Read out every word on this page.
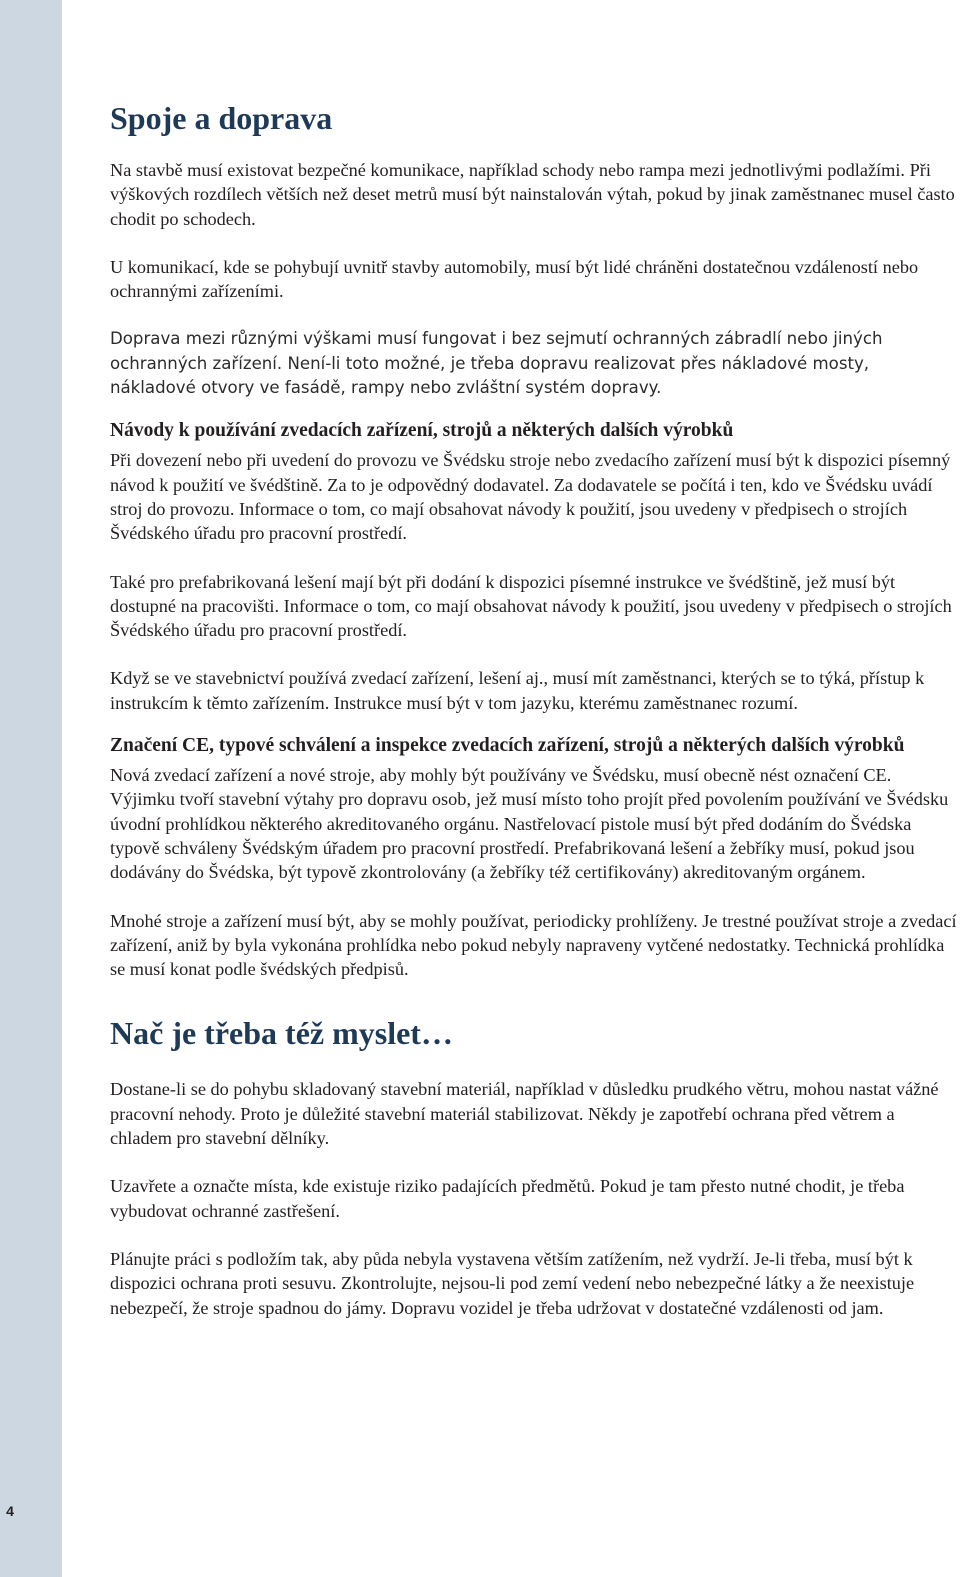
4
Spoje a doprava

Na stavbě musí existovat bezpečné komunikace, například schody nebo rampa mezi jednotlivými podlažími. Při výškových rozdílech větších než deset metrů musí být nainstalován výtah, pokud by jinak zaměstnanec musel často chodit po schodech.

U komunikací, kde se pohybují uvnitř stavby automobily, musí být lidé chráněni dostatečnou vzdáleností nebo ochrannými zařízeními.

Doprava mezi různými výškami musí fungovat i bez sejmutí ochranných zábradlí nebo jiných ochranných zařízení. Není-li toto možné, je třeba dopravu realizovat přes nákladové mosty, nákladové otvory ve fasádě, rampy nebo zvláštní systém dopravy.

Návody k používání zvedacích zařízení, strojů a některých dalších výrobků

Při dovezení nebo při uvedení do provozu ve Švédsku stroje nebo zvedacího zařízení musí být k dispozici písemný návod k použití ve švédštině. Za to je odpovědný dodavatel. Za dodavatele se počítá i ten, kdo ve Švédsku uvádí stroj do provozu. Informace o tom, co mají obsahovat návody k použití, jsou uvedeny v předpisech o strojích Švédského úřadu pro pracovní prostředí.

Také pro prefabrikovaná lešení mají být při dodání k dispozici písemné instrukce ve švédštině, jež musí být dostupné na pracovišti. Informace o tom, co mají obsahovat návody k použití, jsou uvedeny v předpisech o strojích Švédského úřadu pro pracovní prostředí.

Když se ve stavebnictví používá zvedací zařízení, lešení aj., musí mít zaměstnanci, kterých se to týká, přístup k instrukcím k těmto zařízením. Instrukce musí být v tom jazyku, kterému zaměstnanec rozumí.

Značení CE, typové schválení a inspekce zvedacích zařízení, strojů a některých dalších výrobků

Nová zvedací zařízení a nové stroje, aby mohly být používány ve Švédsku, musí obecně nést označení CE. Výjimku tvoří stavební výtahy pro dopravu osob, jež musí místo toho projít před povolením používání ve Švédsku úvodní prohlídkou některého akreditovaného orgánu. Nastřelovací pistole musí být před dodáním do Švédska typově schváleny Švédským úřadem pro pracovní prostředí. Prefabrikovaná lešení a žebříky musí, pokud jsou dodávány do Švédska, být typově zkontrolovány (a žebříky též certifikovány) akreditovaným orgánem.

Mnohé stroje a zařízení musí být, aby se mohly používat, periodicky prohlíženy. Je trestné používat stroje a zvedací zařízení, aniž by byla vykonána prohlídka nebo pokud nebyly napraveny vytčené nedostatky. Technická prohlídka se musí konat podle švédských předpisů.

Nač je třeba též myslet…

Dostane-li se do pohybu skladovaný stavební materiál, například v důsledku prudkého větru, mohou nastat vážné pracovní nehody. Proto je důležité stavební materiál stabilizovat. Někdy je zapotřebí ochrana před větrem a chladem pro stavební dělníky.

Uzavřete a označte místa, kde existuje riziko padajících předmětů. Pokud je tam přesto nutné chodit, je třeba vybudovat ochranné zastřešení.

Plánujte práci s podložím tak, aby půda nebyla vystavena větším zatížením, než vydrží. Je-li třeba, musí být k dispozici ochrana proti sesuvu. Zkontrolujte, nejsou-li pod zemí vedení nebo nebezpečné látky a že neexistuje nebezpečí, že stroje spadnou do jámy. Dopravu vozidel je třeba udržovat v dostatečné vzdálenosti od jam.
